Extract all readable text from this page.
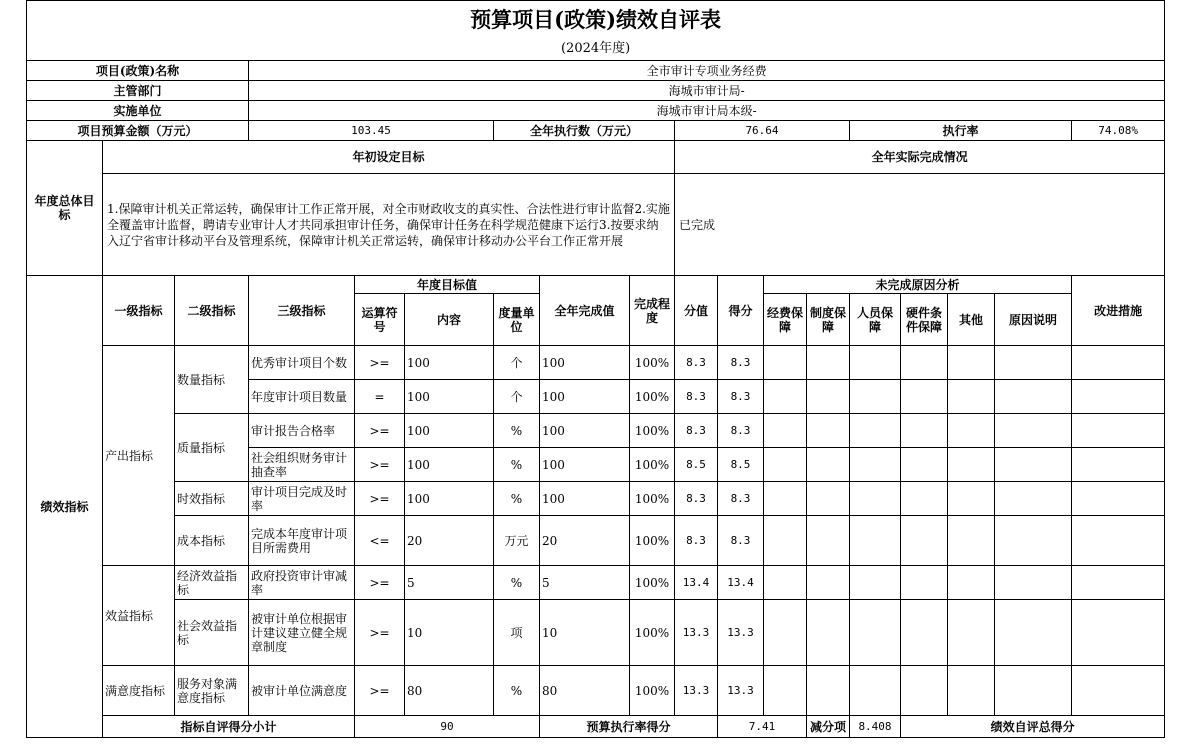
预算项目(政策)绩效自评表																		
(2024年度)																		
项目(政策)名称			全市审计专项业务经费															
主管部门			海城市审计局-															
实施单位			海城市审计局本级-															
项目预算金额（万元）			103.45			全年执行数（万元）			76.64				执行率				74.08%	
年度总体目标	年初设定目标								全年实际完成情况									
	1.保障审计机关正常运转，确保审计工作正常开展，对全市财政收支的真实性、合法性进行审计监督2.实施全覆盖审计监督，聘请专业审计人才共同承担审计任务，确保审计任务在科学规范健康下运行3.按要求纳入辽宁省审计移动平台及管理系统，保障审计机关正常运转，确保审计移动办公平台工作正常开展								已完成									
绩效指标	一级指标	二级指标	三级指标	年度目标值			全年完成值	完成程度	分值	得分	未完成原因分析						改进措施	
				运算符号	内容	度量单位					经费保障	制度保障	人员保障	硬件条件保障	其他	原因说明		
	产出指标	数量指标	优秀审计项目个数	>=	100	个	100	100%	8.3	8.3								
			年度审计项目数量	=	100	个	100	100%	8.3	8.3								
		质量指标	审计报告合格率	>=	100	%	100	100%	8.3	8.3								
			社会组织财务审计抽查率	>=	100	%	100	100%	8.5	8.5								
		时效指标	审计项目完成及时率	>=	100	%	100	100%	8.3	8.3								
		成本指标	完成本年度审计项目所需费用	<=	20	万元	20	100%	8.3	8.3								
	效益指标	经济效益指标	政府投资审计审减率	>=	5	%	5	100%	13.4	13.4								
		社会效益指标	被审计单位根据审计建议建立健全规章制度	>=	10	项	10	100%	13.3	13.3								
	满意度指标	服务对象满意度指标	被审计单位满意度	>=	80	%	80	100%	13.3	13.3								
	指标自评得分小计			90			预算执行率得分			7.41		减分项	8.408	绩效自评总得分	
